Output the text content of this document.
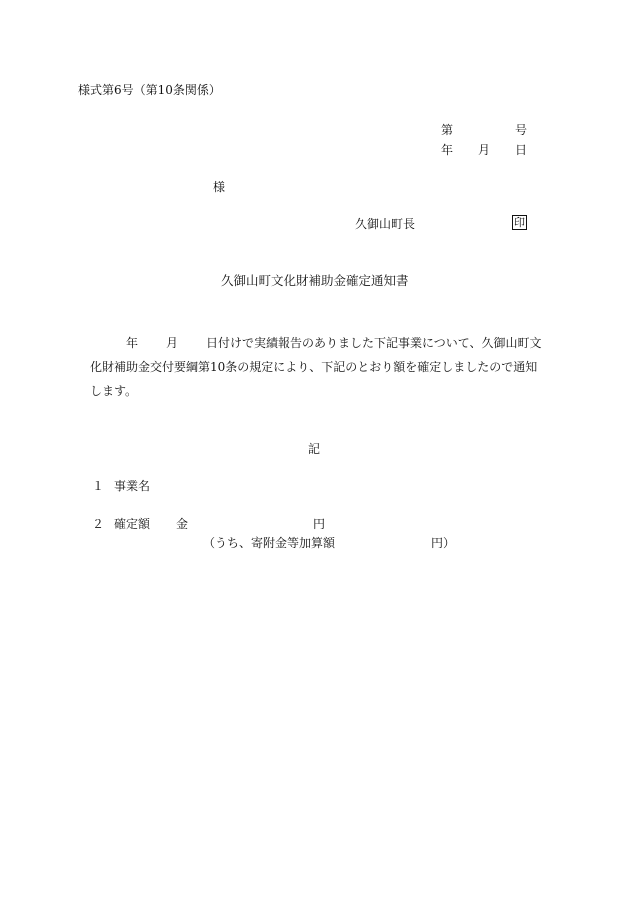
様式第6号（第10条関係）
第	号
年 月 日
様
久御山町長	印
久御山町文化財補助金確定通知書
年 月 日付けで実績報告のありました下記事業について、久御山町文
化財補助金交付要綱第10条の規定により、下記のとおり額を確定しましたので通知
します。
記
１ 事業名
２ 確定額 金	円
（うち、寄附金等加算額	円）
